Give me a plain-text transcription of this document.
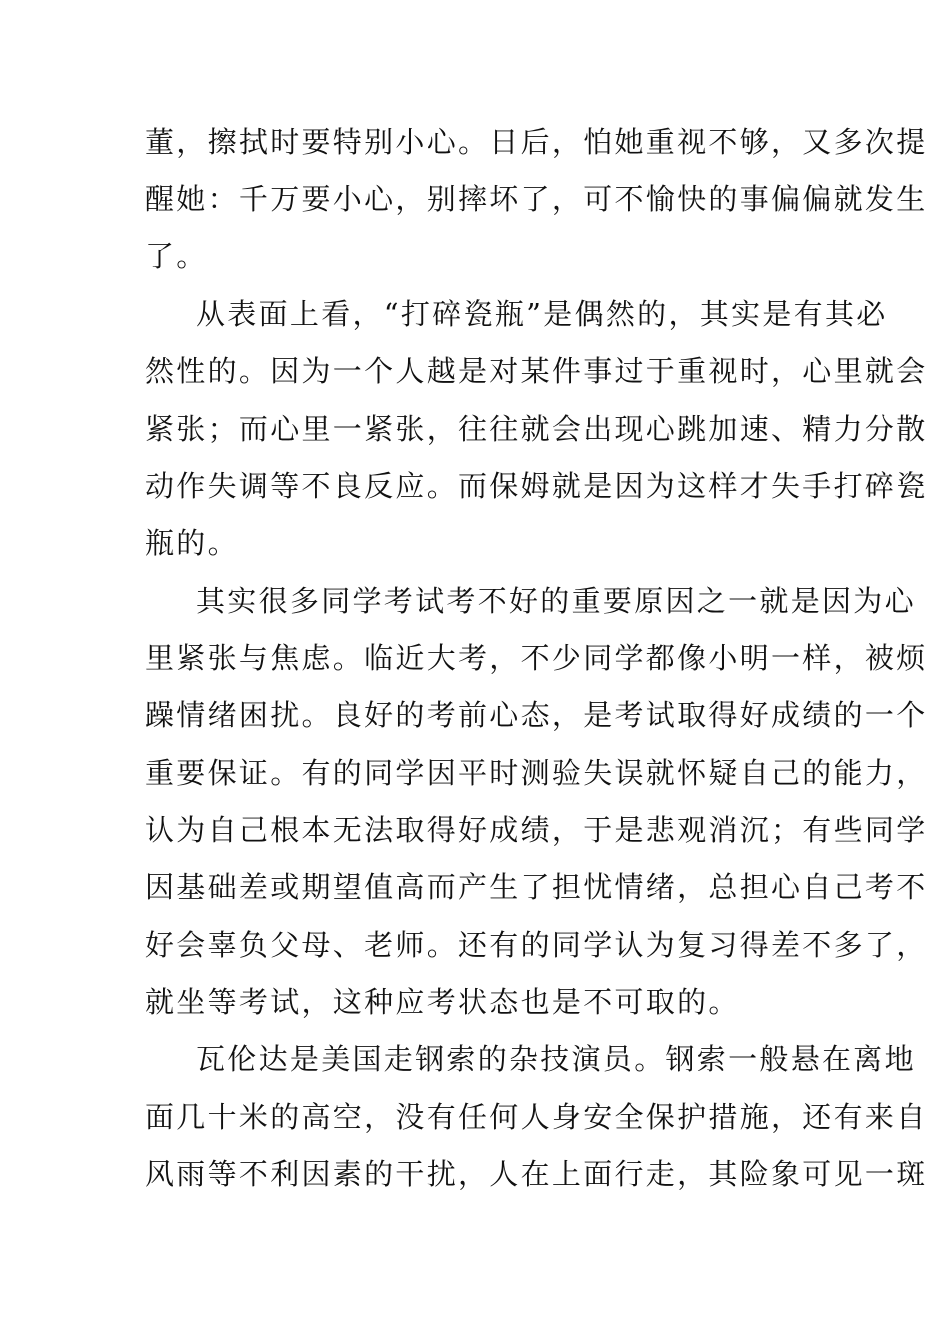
董，擦拭时要特别小心。日后，怕她重视不够，又多次提
醒她：千万要小心，别摔坏了，可不愉快的事偏偏就发生
了。
从表面上看，“打碎瓷瓶”是偶然的，其实是有其必
然性的。因为一个人越是对某件事过于重视时，心里就会
紧张；而心里一紧张，往往就会出现心跳加速、精力分散
动作失调等不良反应。而保姆就是因为这样才失手打碎瓷
瓶的。
其实很多同学考试考不好的重要原因之一就是因为心
里紧张与焦虑。临近大考，不少同学都像小明一样，被烦
躁情绪困扰。良好的考前心态，是考试取得好成绩的一个
重要保证。有的同学因平时测验失误就怀疑自己的能力，
认为自己根本无法取得好成绩，于是悲观消沉；有些同学
因基础差或期望值高而产生了担忧情绪，总担心自己考不
好会辜负父母、老师。还有的同学认为复习得差不多了，
就坐等考试，这种应考状态也是不可取的。
瓦伦达是美国走钢索的杂技演员。钢索一般悬在离地
面几十米的高空，没有任何人身安全保护措施，还有来自
风雨等不利因素的干扰，人在上面行走，其险象可见一斑
